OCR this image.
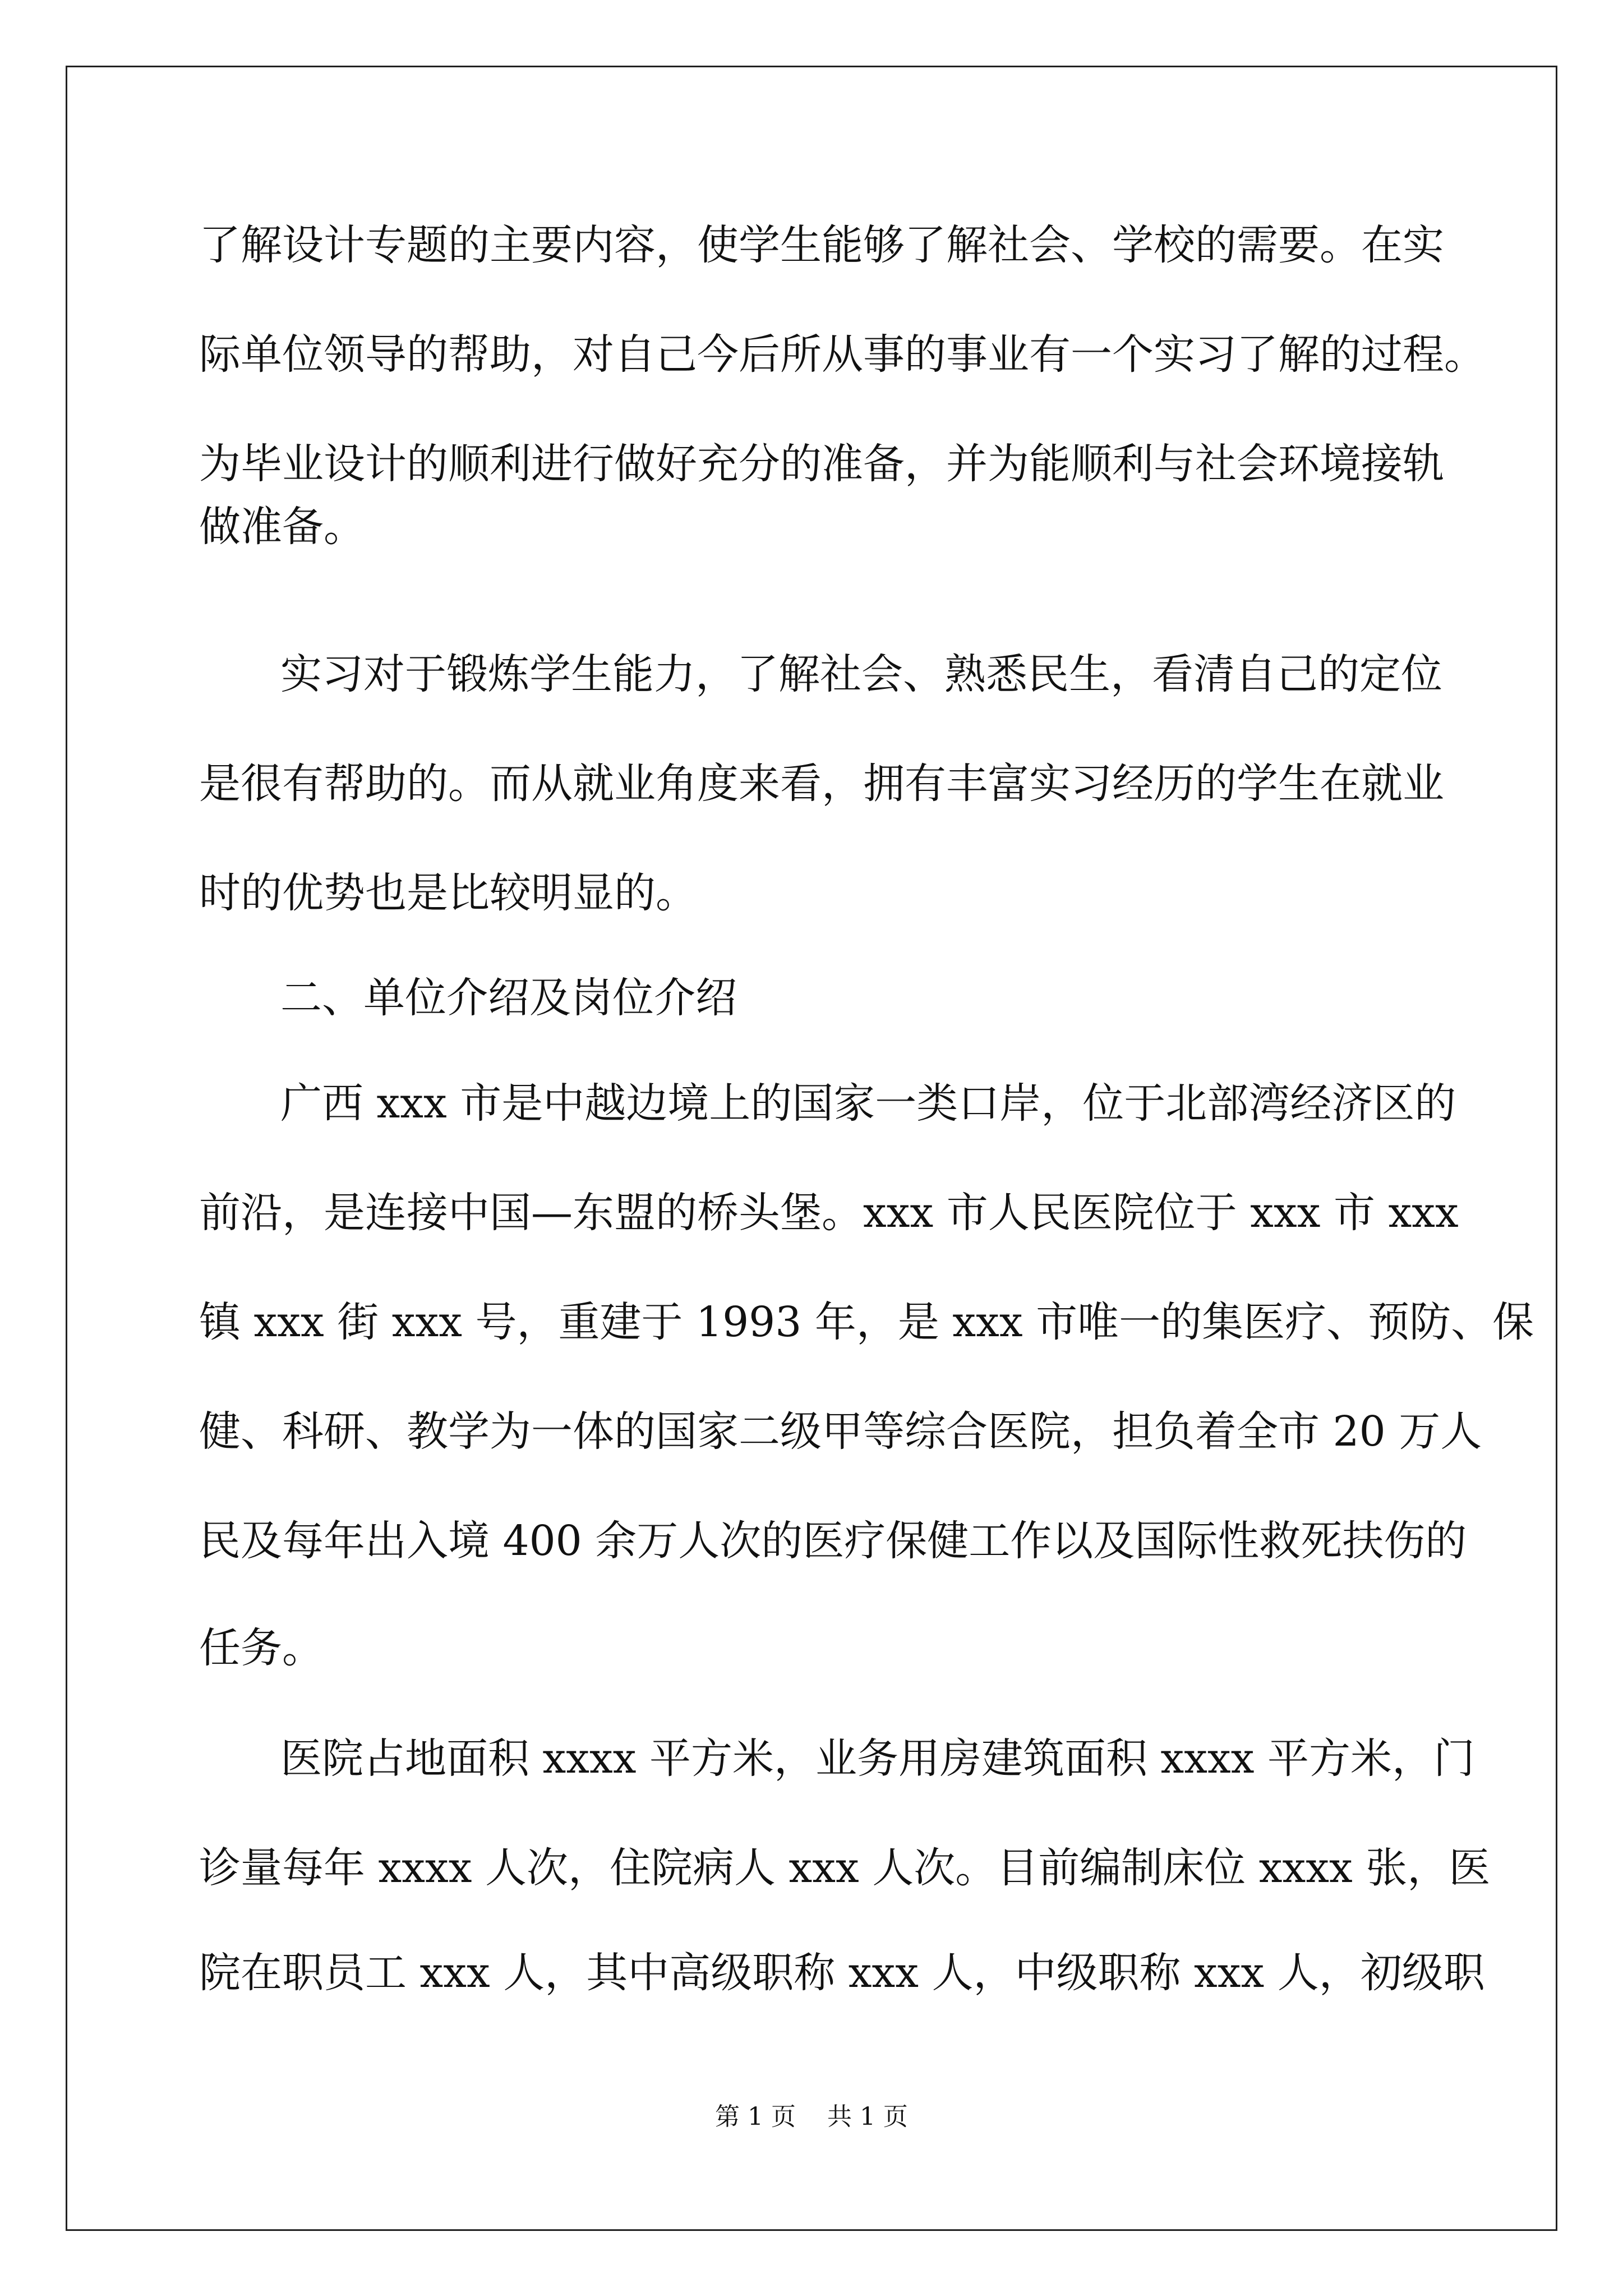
了解设计专题的主要内容，使学生能够了解社会、学校的需要。在实
际单位领导的帮助，对自己今后所从事的事业有一个实习了解的过程。
为毕业设计的顺利进行做好充分的准备，并为能顺利与社会环境接轨
做准备。
实习对于锻炼学生能力，了解社会、熟悉民生，看清自己的定位
是很有帮助的。而从就业角度来看，拥有丰富实习经历的学生在就业
时的优势也是比较明显的。
二、单位介绍及岗位介绍
广西 xxx 市是中越边境上的国家一类口岸，位于北部湾经济区的
前沿，是连接中国—东盟的桥头堡。xxx 市人民医院位于 xxx 市 xxx
镇 xxx 街 xxx 号，重建于 1993 年，是 xxx 市唯一的集医疗、预防、保
健、科研、教学为一体的国家二级甲等综合医院，担负着全市 20 万人
民及每年出入境 400 余万人次的医疗保健工作以及国际性救死扶伤的
任务。
医院占地面积 xxxx 平方米，业务用房建筑面积 xxxx 平方米，门
诊量每年 xxxx 人次，住院病人 xxx 人次。目前编制床位 xxxx 张，医
院在职员工 xxx 人，其中高级职称 xxx 人，中级职称 xxx 人，初级职
第 1 页    共 1 页
